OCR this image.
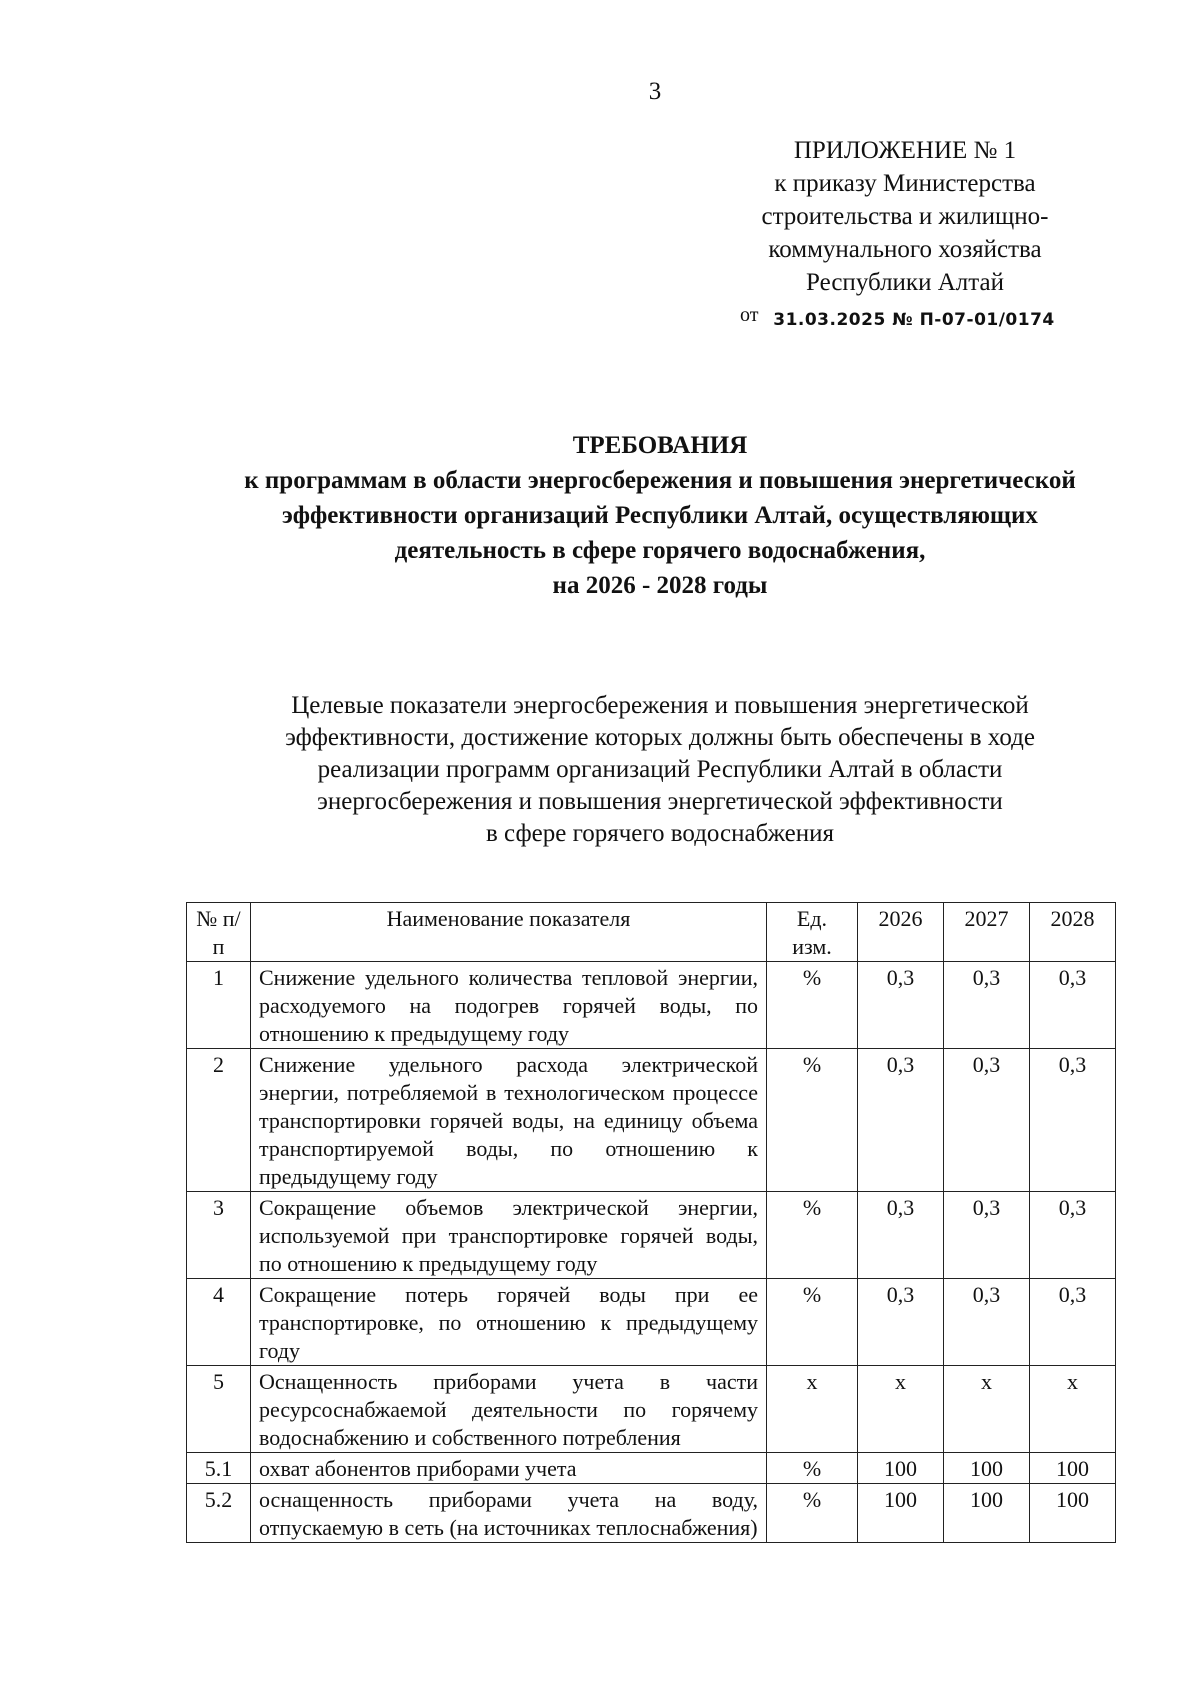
3
ПРИЛОЖЕНИЕ № 1
к приказу Министерства
строительства и жилищно-
коммунального хозяйства
Республики Алтай
от 31.03.2025 № П-07-01/0174
ТРЕБОВАНИЯ
к программам в области энергосбережения и повышения энергетической
эффективности организаций Республики Алтай, осуществляющих
деятельность в сфере горячего водоснабжения,
на 2026 - 2028 годы
Целевые показатели энергосбережения и повышения энергетической
эффективности, достижение которых должны быть обеспечены в ходе
реализации программ организаций Республики Алтай в области
энергосбережения и повышения энергетической эффективности
в сфере горячего водоснабжения
№ п/п	Наименование показателя	Ед. изм.	2026	2027	2028
1	Снижение удельного количества тепловой энергии, расходуемого на подогрев горячей воды, по отношению к предыдущему году	%	0,3	0,3	0,3
2	Снижение удельного расхода электрической энергии, потребляемой в технологическом процессе транспортировки горячей воды, на единицу объема транспортируемой воды, по отношению к предыдущему году	%	0,3	0,3	0,3
3	Сокращение объемов электрической энергии, используемой при транспортировке горячей воды, по отношению к предыдущему году	%	0,3	0,3	0,3
4	Сокращение потерь горячей воды при ее транспортировке, по отношению к предыдущему году	%	0,3	0,3	0,3
5	Оснащенность приборами учета в части ресурсоснабжаемой деятельности по горячему водоснабжению и собственного потребления	x	x	x	x
5.1	охват абонентов приборами учета	%	100	100	100
5.2	оснащенность приборами учета на воду, отпускаемую в сеть (на источниках теплоснабжения)	%	100	100	100
